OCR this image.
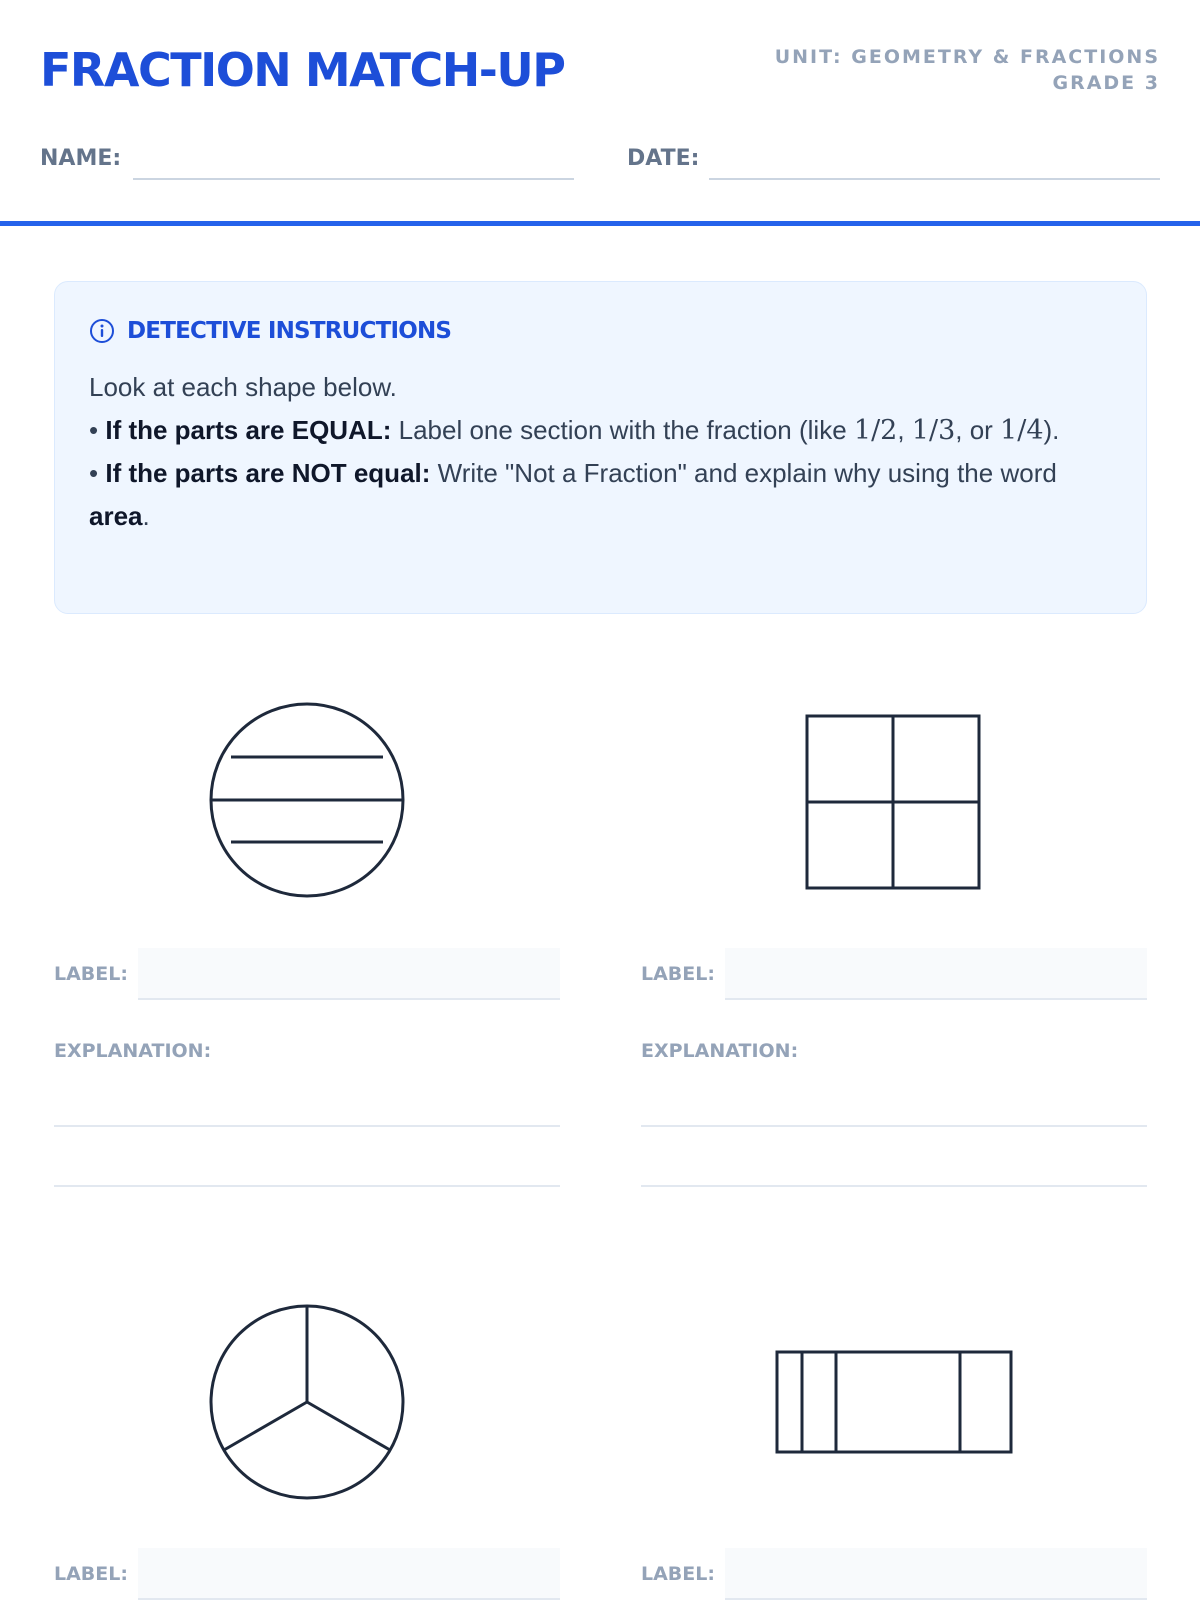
FRACTION MATCH-UP	UNIT: GEOMETRY & FRACTIONS
GRADE 3
NAME:	DATE:
DETECTIVE INSTRUCTIONS
Look at each shape below.
• If the parts are EQUAL: Label one section with the fraction (like 1/2, 1/3, or 1/4).
• If the parts are NOT equal: Write "Not a Fraction" and explain why using the word area.
LABEL:
EXPLANATION:
LABEL:
EXPLANATION:
LABEL:	LABEL:
